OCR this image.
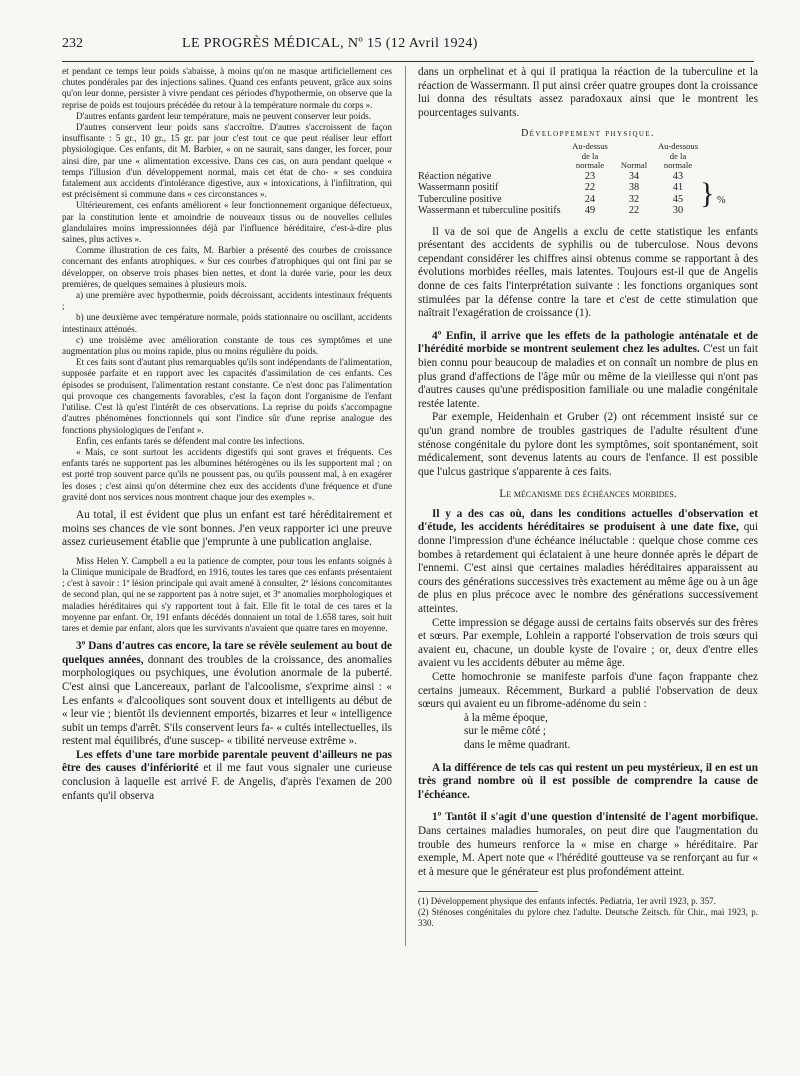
232	LE PROGRÈS MÉDICAL, Nº 15 (12 Avril 1924)

et pendant ce temps leur poids s'abaisse, à moins qu'on ne masque artificiellement ces chutes pondérales par des injections salines. Quand ces enfants peuvent, grâce aux soins qu'on leur donne, persister à vivre pendant ces périodes d'hypothermie, on observe que la reprise de poids est toujours précédée du retour à la température normale du corps ».

D'autres enfants gardent leur température, mais ne peuvent conserver leur poids.

D'autres conservent leur poids sans s'accroître. D'autres s'accroissent de façon insuffisante : 5 gr., 10 gr., 15 gr. par jour c'est tout ce que peut réaliser leur effort physiologique. Ces enfants, dit M. Barbier, « on ne saurait, sans danger, les forcer, pour ainsi dire, par une « alimentation excessive. Dans ces cas, on aura pendant quelque « temps l'illusion d'un développement normal, mais cet état de cho- « ses conduira fatalement aux accidents d'intolérance digestive, aux « intoxications, à l'infiltration, qui est précisément si commune dans « ces circonstances ».

Ultérieurement, ces enfants améliorent « leur fonctionnement organique défectueux, par la constitution lente et amoindrie de nouveaux tissus ou de nouvelles cellules glandulaires moins impressionnées déjà par l'influence héréditaire, c'est-à-dire plus saines, plus actives ».

Comme illustration de ces faits, M. Barbier a présenté des courbes de croissance concernant des enfants atrophiques. « Sur ces courbes d'atrophiques qui ont fini par se développer, on observe trois phases bien nettes, et dont la durée varie, pour les deux premières, de quelques semaines à plusieurs mois.

a) une première avec hypothermie, poids décroissant, accidents intestinaux fréquents ;

b) une deuxième avec température normale, poids stationnaire ou oscillant, accidents intestinaux atténués.

c) une troisième avec amélioration constante de tous ces symptômes et une augmentation plus ou moins rapide, plus ou moins régulière du poids.

Et ces faits sont d'autant plus remarquables qu'ils sont indépendants de l'alimentation, supposée parfaite et en rapport avec les capacités d'assimilation de ces enfants. Ces épisodes se produisent, l'alimentation restant constante. Ce n'est donc pas l'alimentation qui provoque ces changements favorables, c'est la façon dont l'organisme de l'enfant l'utilise. C'est là qu'est l'intérêt de ces observations. La reprise du poids s'accompagne d'autres phénomènes fonctionnels qui sont l'indice sûr d'une reprise analogue des fonctions physiologiques de l'enfant ».

Enfin, ces enfants tarés se défendent mal contre les infections.

« Mais, ce sont surtout les accidents digestifs qui sont graves et fréquents. Ces enfants tarés ne supportent pas les albumines hétérogènes ou ils les supportent mal ; on est porté trop souvent parce qu'ils ne poussent pas, ou qu'ils poussent mal, à en exagérer les doses ; c'est ainsi qu'on détermine chez eux des accidents d'une fréquence et d'une gravité dont nos services nous montrent chaque jour des exemples ».

Au total, il est évident que plus un enfant est taré héréditairement et moins ses chances de vie sont bonnes. J'en veux rapporter ici une preuve assez curieusement établie que j'emprunte à une publication anglaise.

Miss Helen Y. Campbell a eu la patience de compter, pour tous les enfants soignés à la Clinique municipale de Bradford, en 1916, toutes les tares que ces enfants présentaient ; c'est à savoir : 1º lésion principale qui avait amené à consulter, 2º lésions concomitantes de second plan, qui ne se rapportent pas à notre sujet, et 3º anomalies morphologiques et maladies héréditaires qui s'y rapportent tout à fait. Elle fit le total de ces tares et la moyenne par enfant. Or, 191 enfants décédés donnaient un total de 1.658 tares, soit huit tares et demie par enfant, alors que les survivants n'avaient que quatre tares en moyenne.

3º Dans d'autres cas encore, la tare se révèle seulement au bout de quelques années, donnant des troubles de la croissance, des anomalies morphologiques ou psychiques, une évolution anormale de la puberté. C'est ainsi que Lancereaux, parlant de l'alcoolisme, s'exprime ainsi : « Les enfants « d'alcooliques sont souvent doux et intelligents au début de « leur vie ; bientôt ils deviennent emportés, bizarres et leur « intelligence subit un temps d'arrêt. S'ils conservent leurs fa- « cultés intellectuelles, ils restent mal équilibrés, d'une suscep- « tibilité nerveuse extrême ».

Les effets d'une tare morbide parentale peuvent d'ailleurs ne pas être des causes d'infériorité et il me faut vous signaler une curieuse conclusion à laquelle est arrivé F. de Angelis, d'après l'examen de 200 enfants qu'il observa

dans un orphelinat et à qui il pratiqua la réaction de la tuberculine et la réaction de Wassermann. Il put ainsi créer quatre groupes dont la croissance lui donna des résultats assez paradoxaux ainsi que le montrent les pourcentages suivants.

Développement physique.
	Au-dessus de la normale	Normal	Au-dessous de la normale	
Réaction négative	23	34	43	} %
Wassermann positif	22	38	41	
Tuberculine positive	24	32	45	
Wassermann et tuberculine positifs	49	22	30	

Il va de soi que de Angelis a exclu de cette statistique les enfants présentant des accidents de syphilis ou de tuberculose. Nous devons cependant considérer les chiffres ainsi obtenus comme se rapportant à des évolutions morbides réelles, mais latentes. Toujours est-il que de Angelis donne de ces faits l'interprétation suivante : les fonctions organiques sont stimulées par la défense contre la tare et c'est de cette stimulation que naîtrait l'exagération de croissance (1).

4º Enfin, il arrive que les effets de la pathologie anténatale et de l'hérédité morbide se montrent seulement chez les adultes. C'est un fait bien connu pour beaucoup de maladies et on connaît un nombre de plus en plus grand d'affections de l'âge mûr ou même de la vieillesse qui n'ont pas d'autres causes qu'une prédisposition familiale ou une maladie congénitale restée latente.

Par exemple, Heidenhain et Gruber (2) ont récemment insisté sur ce qu'un grand nombre de troubles gastriques de l'adulte résultent d'une sténose congénitale du pylore dont les symptômes, soit spontanément, soit médicalement, sont devenus latents au cours de l'enfance. Il est possible que l'ulcus gastrique s'apparente à ces faits.

Le mécanisme des échéances morbides.

Il y a des cas où, dans les conditions actuelles d'observation et d'étude, les accidents héréditaires se produisent à une date fixe, qui donne l'impression d'une échéance inéluctable : quelque chose comme ces bombes à retardement qui éclataient à une heure donnée après le départ de l'ennemi. C'est ainsi que certaines maladies héréditaires apparaissent au cours des générations successives très exactement au même âge ou à un âge de plus en plus précoce avec le nombre des générations successivement atteintes.

Cette impression se dégage aussi de certains faits observés sur des frères et sœurs. Par exemple, Lohlein a rapporté l'observation de trois sœurs qui avaient eu, chacune, un double kyste de l'ovaire ; or, deux d'entre elles avaient vu les accidents débuter au même âge.

Cette homochronie se manifeste parfois d'une façon frappante chez certains jumeaux. Récemment, Burkard a publié l'observation de deux sœurs qui avaient eu un fibrome-adénome du sein :

à la même époque,
sur le même côté ;
dans le même quadrant.

A la différence de tels cas qui restent un peu mystérieux, il en est un très grand nombre où il est possible de comprendre la cause de l'échéance.

1º Tantôt il s'agit d'une question d'intensité de l'agent morbifique. Dans certaines maladies humorales, on peut dire que l'augmentation du trouble des humeurs renforce la « mise en charge » héréditaire. Par exemple, M. Apert note que « l'hérédité goutteuse va se renforçant au fur « et à mesure que le générateur est plus profondément atteint.

(1) Développement physique des enfants infectés. Pediatria, 1er avril 1923, p. 357.

(2) Sténoses congénitales du pylore chez l'adulte. Deutsche Zeitsch. für Chir., mai 1923, p. 330.
